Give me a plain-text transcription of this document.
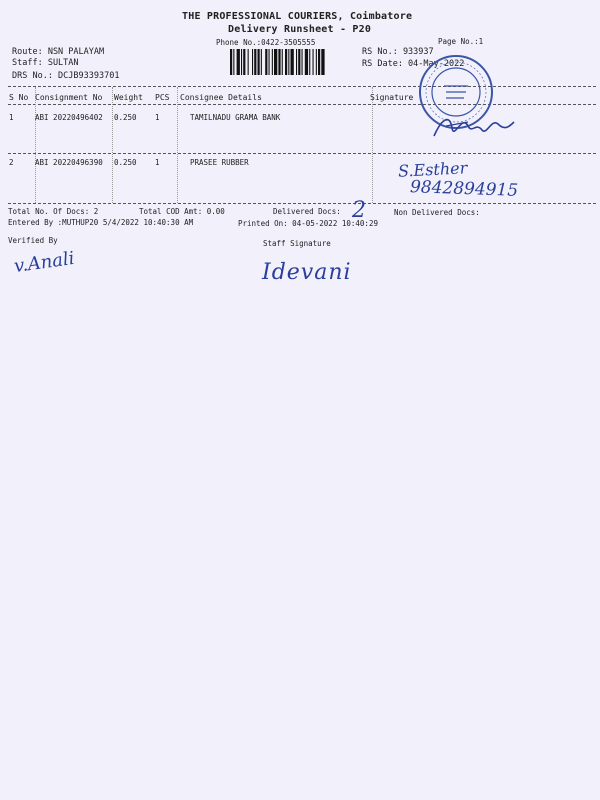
THE PROFESSIONAL COURIERS, Coimbatore
Delivery Runsheet - P20
Phone No.:0422-3505555	Page No.:1
Route: NSN PALAYAM
Staff: SULTAN
DRS No.: DCJB93393701
RS No.: 933937
RS Date: 04-May-2022
S No Consignment No Weight PCS Consignee Details	Signature
1	ABI 20220496402 0.250 1	TAMILNADU GRAMA BANK
2	ABI 20220496390 0.250 1	PRASEE RUBBER	S.Esther
9842894915
Total No. Of Docs: 2	Total COD Amt: 0.00	Delivered Docs: 2	Non Delivered Docs:
Entered By :MUTHUP20 5/4/2022 10:40:30 AM	Printed On: 04-05-2022 10:40:29
Verified By	Staff Signature
v.Anali	Idevani
